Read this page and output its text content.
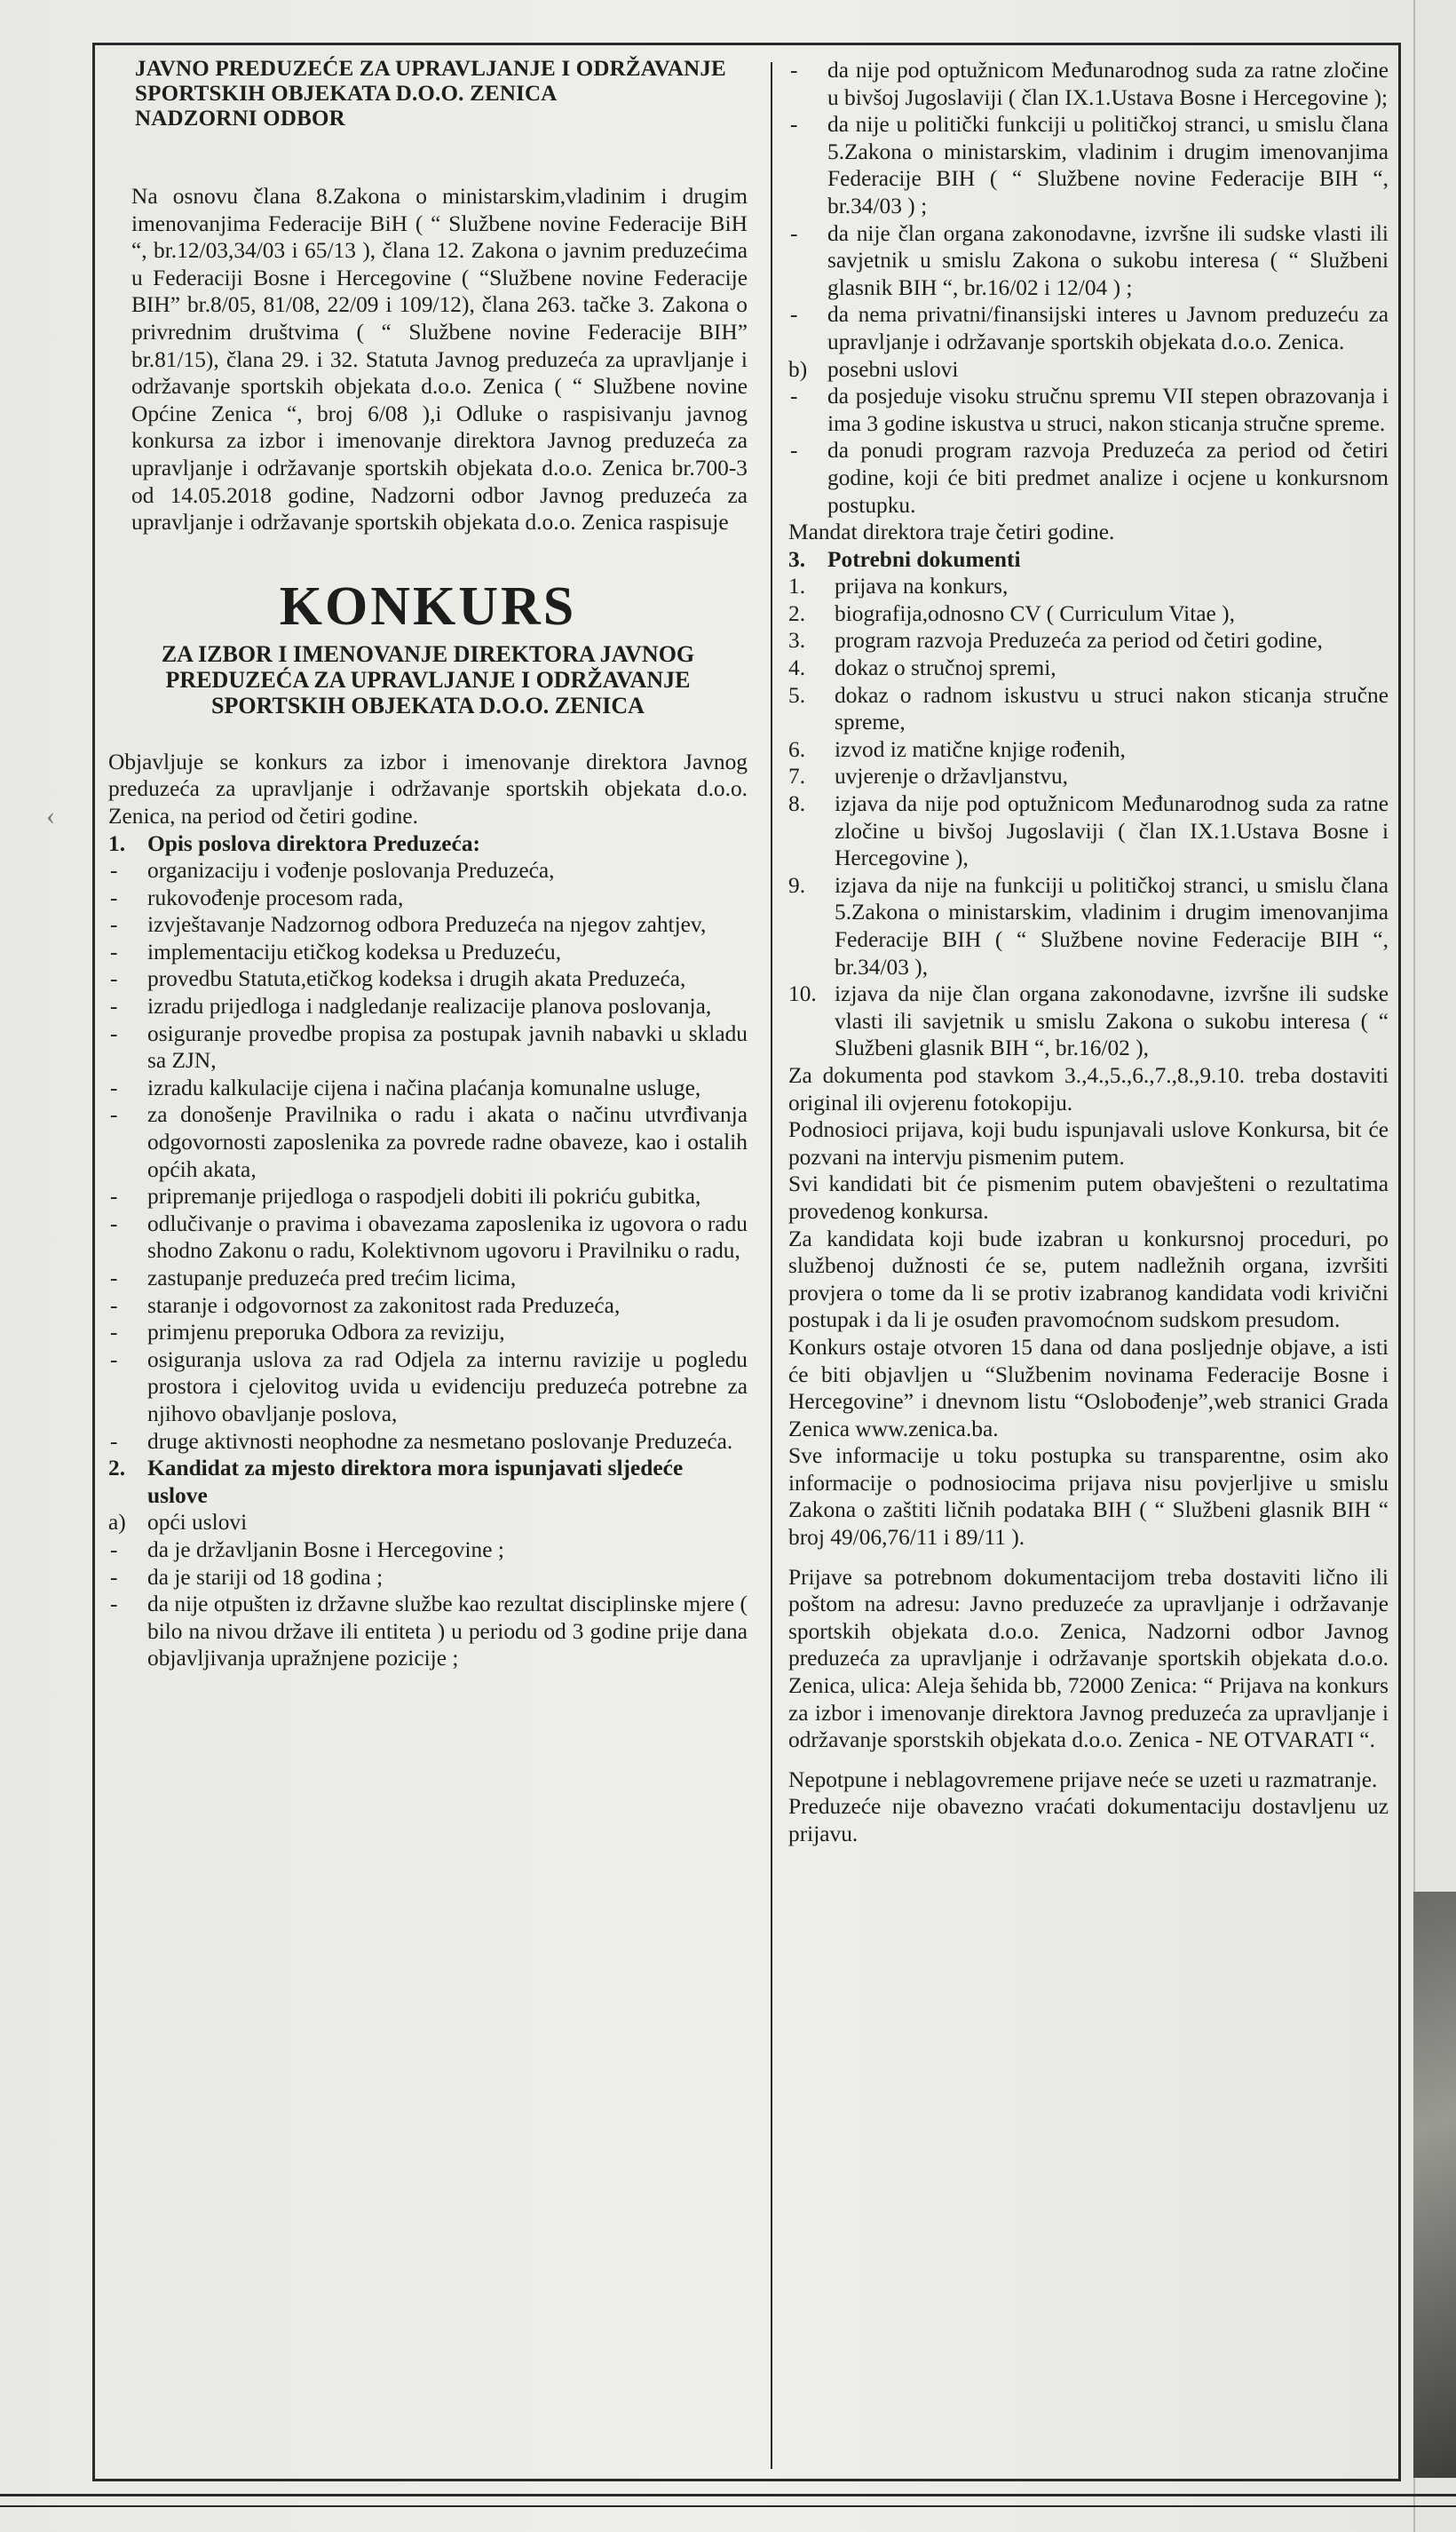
‹
JAVNO PREDUZEĆE ZA UPRAVLJANJE I ODRŽAVANJE
SPORTSKIH OBJEKATA D.O.O. ZENICA
NADZORNI ODBOR

Na osnovu člana 8.Zakona o ministarskim,vladinim i drugim imenovanjima Federacije BiH ( “ Službene novine Federacije BiH “, br.12/03,34/03 i 65/13 ), člana 12. Zakona o javnim preduzećima u Federaciji Bosne i Hercegovine ( “Službene novine Federacije BIH” br.8/05, 81/08, 22/09 i 109/12), člana 263. tačke 3. Zakona o privrednim društvima ( “ Službene novine Federacije BIH” br.81/15), člana 29. i 32. Statuta Javnog preduzeća za upravljanje i održavanje sportskih objekata d.o.o. Zenica ( “ Službene novine Općine Zenica “, broj 6/08 ),i Odluke o raspisivanju javnog konkursa za izbor i imenovanje direktora Javnog preduzeća za upravljanje i održavanje sportskih objekata d.o.o. Zenica br.700-3 od 14.05.2018 godine, Nadzorni odbor Javnog preduzeća za upravljanje i održavanje sportskih objekata d.o.o. Zenica raspisuje

KONKURS
ZA IZBOR I IMENOVANJE DIREKTORA JAVNOG PREDUZEĆA ZA UPRAVLJANJE I ODRŽAVANJE SPORTSKIH OBJEKATA D.O.O. ZENICA

Objavljuje se konkurs za izbor i imenovanje direktora Javnog preduzeća za upravljanje i održavanje sportskih objekata d.o.o. Zenica, na period od četiri godine.

1. Opis poslova direktora Preduzeća:

- organizaciju i vođenje poslovanja Preduzeća,
- rukovođenje procesom rada,
- izvještavanje Nadzornog odbora Preduzeća na njegov zahtjev,
- implementaciju etičkog kodeksa u Preduzeću,
- provedbu Statuta,etičkog kodeksa i drugih akata Preduzeća,
- izradu prijedloga i nadgledanje realizacije planova poslovanja,
- osiguranje provedbe propisa za postupak javnih nabavki u skladu sa ZJN,
- izradu kalkulacije cijena i načina plaćanja komunalne usluge,
- za donošenje Pravilnika o radu i akata o načinu utvrđivanja odgovornosti zaposlenika za povrede radne obaveze, kao i ostalih općih akata,
- pripremanje prijedloga o raspodjeli dobiti ili pokriću gubitka,
- odlučivanje o pravima i obavezama zaposlenika iz ugovora o radu shodno Zakonu o radu, Kolektivnom ugovoru i Pravilniku o radu,
- zastupanje preduzeća pred trećim licima,
- staranje i odgovornost za zakonitost rada Preduzeća,
- primjenu preporuka Odbora za reviziju,
- osiguranja uslova za rad Odjela za internu ravizije u pogledu prostora i cjelovitog uvida u evidenciju preduzeća potrebne za njihovo obavljanje poslova,
- druge aktivnosti neophodne za nesmetano poslovanje Preduzeća.

2. Kandidat za mjesto direktora mora ispunjavati sljedeće uslove

a) opći uslovi

- da je državljanin Bosne i Hercegovine ;
- da je stariji od 18 godina ;
- da nije otpušten iz državne službe kao rezultat disciplinske mjere ( bilo na nivou države ili entiteta ) u periodu od 3 godine prije dana objavljivanja upražnjene pozicije ;
- da nije pod optužnicom Međunarodnog suda za ratne zločine u bivšoj Jugoslaviji ( član IX.1.Ustava Bosne i Hercegovine );
- da nije u politički funkciji u političkoj stranci, u smislu člana 5.Zakona o ministarskim, vladinim i drugim imenovanjima Federacije BIH ( “ Službene novine Federacije BIH “, br.34/03 ) ;
- da nije član organa zakonodavne, izvršne ili sudske vlasti ili savjetnik u smislu Zakona o sukobu interesa ( “ Službeni glasnik BIH “, br.16/02 i 12/04 ) ;
- da nema privatni/finansijski interes u Javnom preduzeću za upravljanje i održavanje sportskih objekata d.o.o. Zenica.

b) posebni uslovi

- da posjeduje visoku stručnu spremu VII stepen obrazovanja i ima 3 godine iskustva u struci, nakon sticanja stručne spreme.
- da ponudi program razvoja Preduzeća za period od četiri godine, koji će biti predmet analize i ocjene u konkursnom postupku.

Mandat direktora traje četiri godine.

3. Potrebni dokumenti

1. prijava na konkurs,
2. biografija,odnosno CV ( Curriculum Vitae ),
3. program razvoja Preduzeća za period od četiri godine,
4. dokaz o stručnoj spremi,
5. dokaz o radnom iskustvu u struci nakon sticanja stručne spreme,
6. izvod iz matične knjige rođenih,
7. uvjerenje o državljanstvu,
8. izjava da nije pod optužnicom Međunarodnog suda za ratne zločine u bivšoj Jugoslaviji ( član IX.1.Ustava Bosne i Hercegovine ),
9. izjava da nije na funkciji u političkoj stranci, u smislu člana 5.Zakona o ministarskim, vladinim i drugim imenovanjima Federacije BIH ( “ Službene novine Federacije BIH “, br.34/03 ),
10. izjava da nije član organa zakonodavne, izvršne ili sudske vlasti ili savjetnik u smislu Zakona o sukobu interesa ( “ Službeni glasnik BIH “, br.16/02 ),

Za dokumenta pod stavkom 3.,4.,5.,6.,7.,8.,9.10. treba dostaviti original ili ovjerenu fotokopiju.

Podnosioci prijava, koji budu ispunjavali uslove Konkursa, bit će pozvani na intervju pismenim putem.

Svi kandidati bit će pismenim putem obavješteni o rezultatima provedenog konkursa.

Za kandidata koji bude izabran u konkursnoj proceduri, po službenoj dužnosti će se, putem nadležnih organa, izvršiti provjera o tome da li se protiv izabranog kandidata vodi krivični postupak i da li je osuđen pravomoćnom sudskom presudom.

Konkurs ostaje otvoren 15 dana od dana posljednje objave, a isti će biti objavljen u “Službenim novinama Federacije Bosne i Hercegovine” i dnevnom listu “Oslobođenje”,web stranici Grada Zenica www.zenica.ba.

Sve informacije u toku postupka su transparentne, osim ako informacije o podnosiocima prijava nisu povjerljive u smislu Zakona o zaštiti ličnih podataka BIH ( “ Službeni glasnik BIH “ broj 49/06,76/11 i 89/11 ).

Prijave sa potrebnom dokumentacijom treba dostaviti lično ili poštom na adresu: Javno preduzeće za upravljanje i održavanje sportskih objekata d.o.o. Zenica, Nadzorni odbor Javnog preduzeća za upravljanje i održavanje sportskih objekata d.o.o. Zenica, ulica: Aleja šehida bb, 72000 Zenica: “ Prijava na konkurs za izbor i imenovanje direktora Javnog preduzeća za upravljanje i održavanje sporstskih objekata d.o.o. Zenica - NE OTVARATI “.

Nepotpune i neblagovremene prijave neće se uzeti u razmatranje.

Preduzeće nije obavezno vraćati dokumentaciju dostavljenu uz prijavu.
